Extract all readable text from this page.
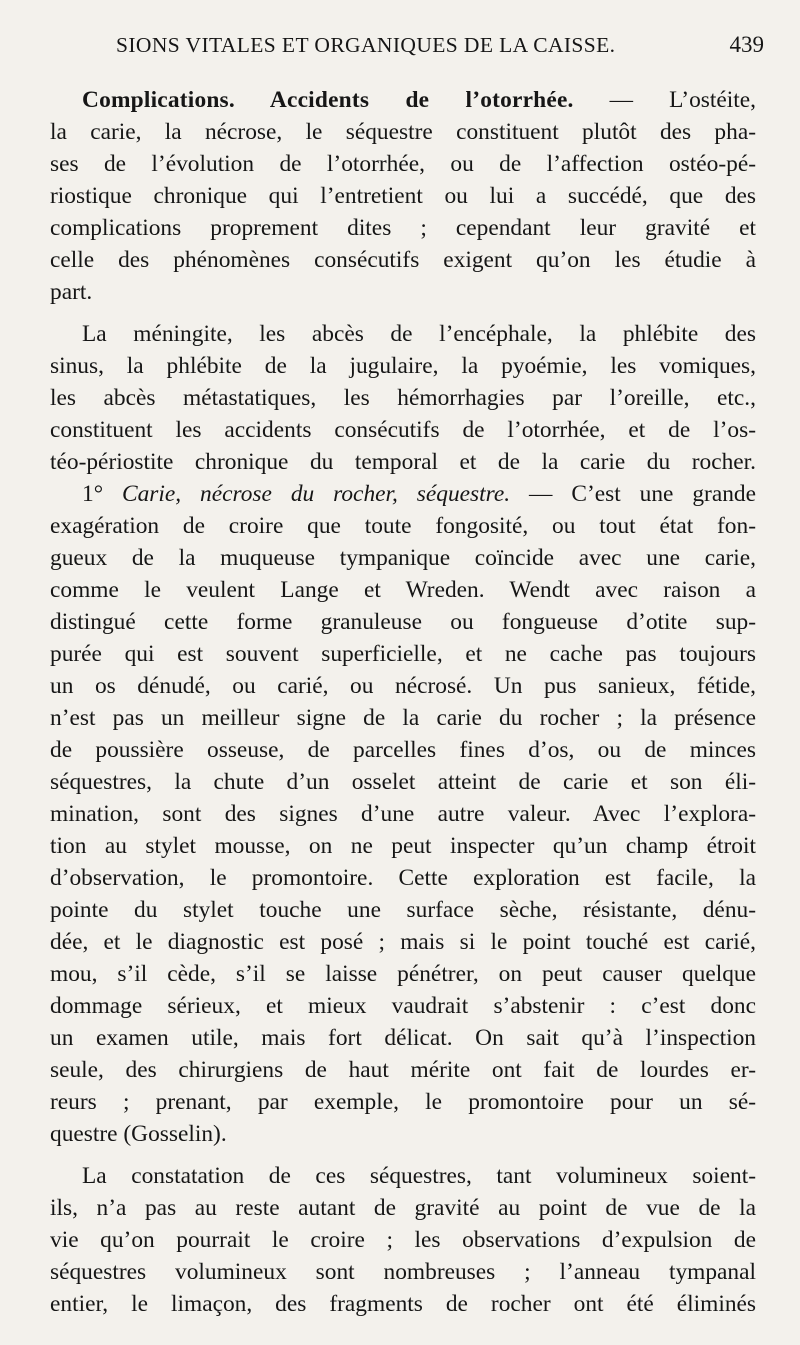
SIONS VITALES ET ORGANIQUES DE LA CAISSE.	439
Complications. Accidents de l’otorrhée. — L’ostéite,
la carie, la nécrose, le séquestre constituent plutôt des pha-
ses de l’évolution de l’otorrhée, ou de l’affection ostéo-pé-
riostique chronique qui l’entretient ou lui a succédé, que des
complications proprement dites ; cependant leur gravité et
celle des phénomènes consécutifs exigent qu’on les étudie à
part.
La méningite, les abcès de l’encéphale, la phlébite des
sinus, la phlébite de la jugulaire, la pyoémie, les vomiques,
les abcès métastatiques, les hémorrhagies par l’oreille, etc.,
constituent les accidents consécutifs de l’otorrhée, et de l’os-
téo-périostite chronique du temporal et de la carie du rocher.
1° Carie, nécrose du rocher, séquestre. — C’est une grande
exagération de croire que toute fongosité, ou tout état fon-
gueux de la muqueuse tympanique coïncide avec une carie,
comme le veulent Lange et Wreden. Wendt avec raison a
distingué cette forme granuleuse ou fongueuse d’otite sup-
purée qui est souvent superficielle, et ne cache pas toujours
un os dénudé, ou carié, ou nécrosé. Un pus sanieux, fétide,
n’est pas un meilleur signe de la carie du rocher ; la présence
de poussière osseuse, de parcelles fines d’os, ou de minces
séquestres, la chute d’un osselet atteint de carie et son éli-
mination, sont des signes d’une autre valeur. Avec l’explora-
tion au stylet mousse, on ne peut inspecter qu’un champ étroit
d’observation, le promontoire. Cette exploration est facile, la
pointe du stylet touche une surface sèche, résistante, dénu-
dée, et le diagnostic est posé ; mais si le point touché est carié,
mou, s’il cède, s’il se laisse pénétrer, on peut causer quelque
dommage sérieux, et mieux vaudrait s’abstenir : c’est donc
un examen utile, mais fort délicat. On sait qu’à l’inspection
seule, des chirurgiens de haut mérite ont fait de lourdes er-
reurs ; prenant, par exemple, le promontoire pour un sé-
questre (Gosselin).
La constatation de ces séquestres, tant volumineux soient-
ils, n’a pas au reste autant de gravité au point de vue de la
vie qu’on pourrait le croire ; les observations d’expulsion de
séquestres volumineux sont nombreuses ; l’anneau tympanal
entier, le limaçon, des fragments de rocher ont été éliminés
